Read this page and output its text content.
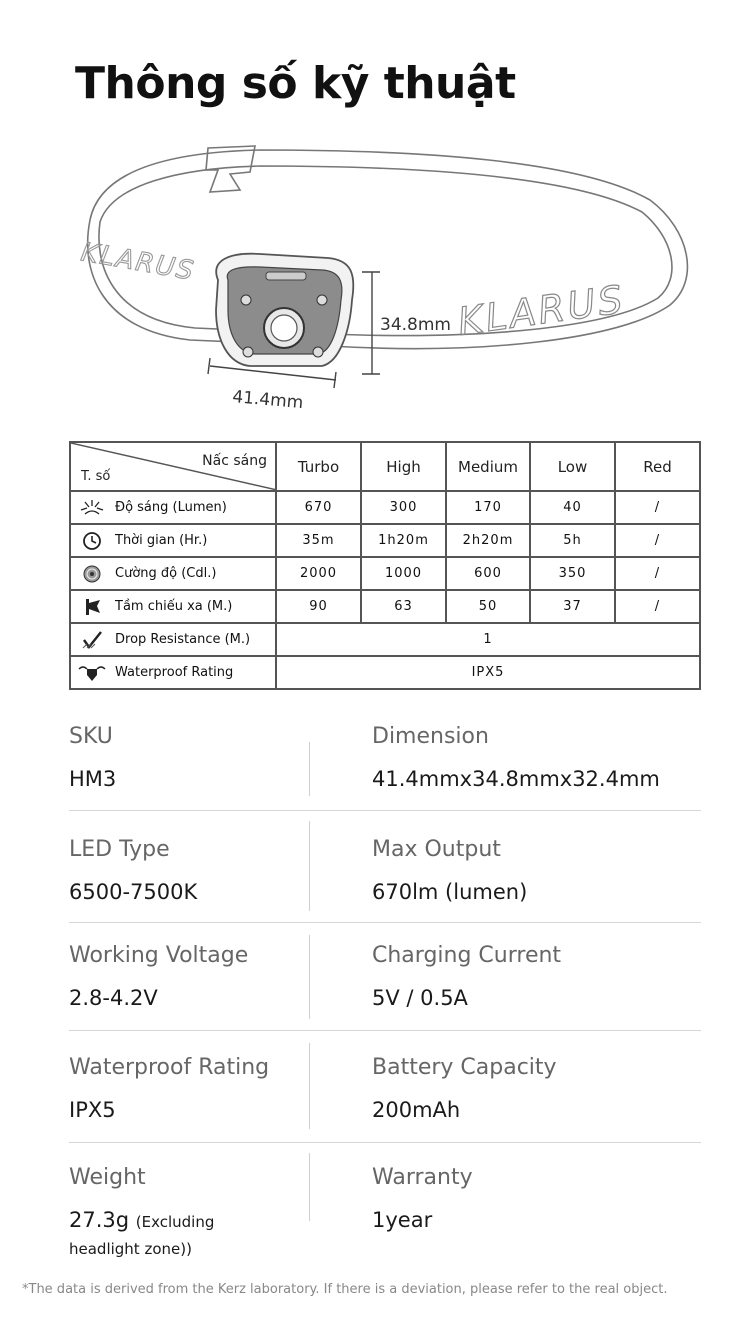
Thông số kỹ thuật
KLARUS
KLARUS
34.8mm
41.4mm
Nấc sáng
T. số	Turbo	High	Medium	Low	Red

Độ sáng (Lumen)	670	300	170	40	/

Thời gian (Hr.)	35m	1h20m	2h20m	5h	/

Cường độ (Cdl.)	2000	1000	600	350	/

Tầm chiếu xa (M.)	90	63	50	37	/

Drop Resistance (M.)	1				

Waterproof Rating	IPX5				
SKU
HM3
Dimension
41.4mmx34.8mmx32.4mm
LED Type
6500-7500K
Max Output
670lm (lumen)
Working Voltage
2.8-4.2V
Charging Current
5V / 0.5A
Waterproof Rating
IPX5
Battery Capacity
200mAh
Weight
27.3g (Excluding
headlight zone))
Warranty
1year
*The data is derived from the Kerz laboratory. If there is a deviation, please refer to the real object.
